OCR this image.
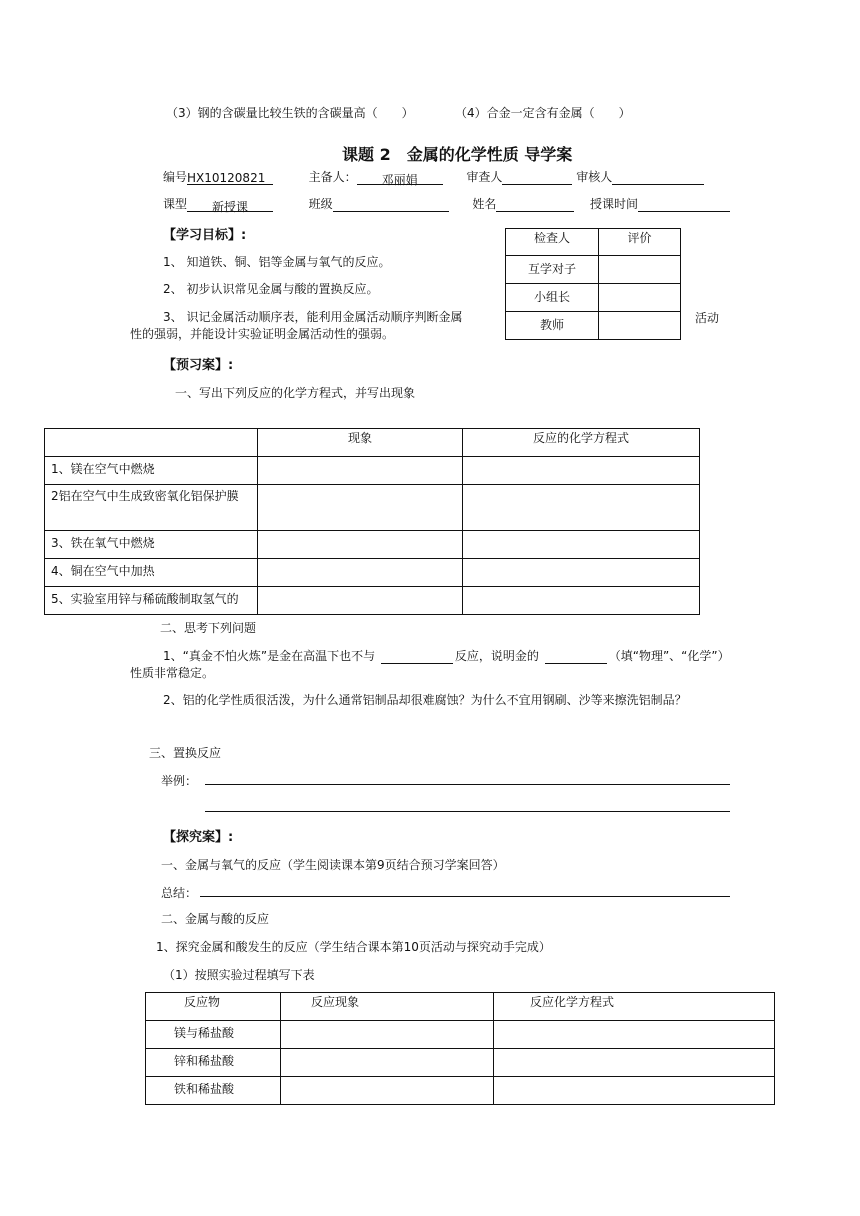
（3）钢的含碳量比较生铁的含碳量高（　　）	（4）合金一定含有金属（　　）
课题 2　金属的化学性质 导学案
编号HX10120821	主备人： 邓丽娟	审查人	审核人
课型 新授课	班级	姓名	授课时间
【学习目标】:
1、 知道铁、铜、铝等金属与氧气的反应。
2、 初步认识常见金属与酸的置换反应。
3、 识记金属活动顺序表，能利用金属活动顺序判断金属
性的强弱，并能设计实验证明金属活动性的强弱。
活动
检查人	评价
互学对子	
小组长	
教师	
【预习案】:
一、写出下列反应的化学方程式，并写出现象
	现象	反应的化学方程式
1、镁在空气中燃烧		
2铝在空气中生成致密氧化铝保护膜		
3、铁在氧气中燃烧		
4、铜在空气中加热		
5、实验室用锌与稀硫酸制取氢气的		
二、思考下列问题
1、“真金不怕火炼”是金在高温下也不与	反应，说明金的	（填“物理”、“化学”）
性质非常稳定。
2、铝的化学性质很活泼，为什么通常铝制品却很难腐蚀？为什么不宜用钢刷、沙等来擦洗铝制品？
三、置换反应
举例：
【探究案】:
一、金属与氧气的反应（学生阅读课本第9页结合预习学案回答）
总结：
二、金属与酸的反应
1、探究金属和酸发生的反应（学生结合课本第10页活动与探究动手完成）
（1）按照实验过程填写下表
反应物	反应现象	反应化学方程式
镁与稀盐酸		
锌和稀盐酸		
铁和稀盐酸		
